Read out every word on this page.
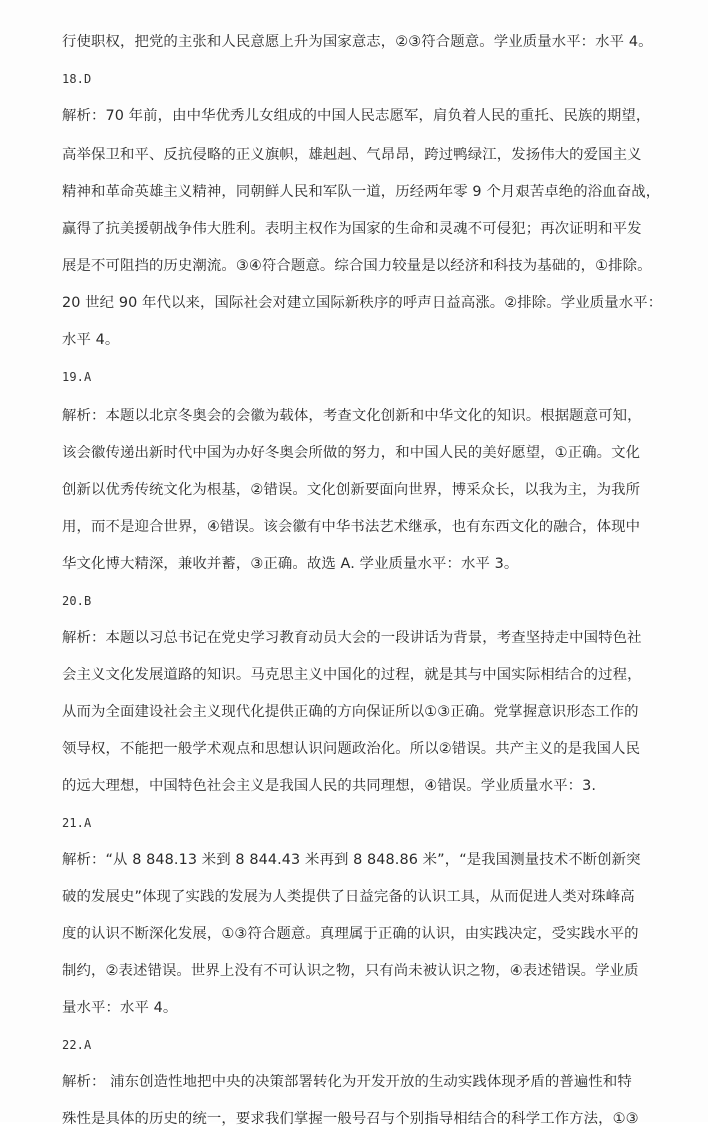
行使职权，把党的主张和人民意愿上升为国家意志，②③符合题意。学业质量水平：水平 4。
18.D
解析：70 年前，由中华优秀儿女组成的中国人民志愿军，肩负着人民的重托、民族的期望，
高举保卫和平、反抗侵略的正义旗帜，雄赳赳、气昂昂，跨过鸭绿江，发扬伟大的爱国主义
精神和革命英雄主义精神，同朝鲜人民和军队一道，历经两年零 9 个月艰苦卓绝的浴血奋战，
赢得了抗美援朝战争伟大胜利。表明主权作为国家的生命和灵魂不可侵犯；再次证明和平发
展是不可阻挡的历史潮流。③④符合题意。综合国力较量是以经济和科技为基础的，①排除。
20 世纪 90 年代以来，国际社会对建立国际新秩序的呼声日益高涨。②排除。学业质量水平：
水平 4。
19.A
解析：本题以北京冬奥会的会徽为载体，考查文化创新和中华文化的知识。根据题意可知，
该会徽传递出新时代中国为办好冬奥会所做的努力，和中国人民的美好愿望，①正确。文化
创新以优秀传统文化为根基，②错误。文化创新要面向世界，博采众长，以我为主，为我所
用，而不是迎合世界，④错误。该会徽有中华书法艺术继承，也有东西文化的融合，体现中
华文化博大精深，兼收并蓄，③正确。故选 A. 学业质量水平：水平 3。
20.B
解析：本题以习总书记在党史学习教育动员大会的一段讲话为背景，考查坚持走中国特色社
会主义文化发展道路的知识。马克思主义中国化的过程，就是其与中国实际相结合的过程，
从而为全面建设社会主义现代化提供正确的方向保证所以①③正确。党掌握意识形态工作的
领导权，不能把一般学术观点和思想认识问题政治化。所以②错误。共产主义的是我国人民
的远大理想，中国特色社会主义是我国人民的共同理想，④错误。学业质量水平：3.
21.A
解析：“从 8 848.13 米到 8 844.43 米再到 8 848.86 米”，“是我国测量技术不断创新突
破的发展史”体现了实践的发展为人类提供了日益完备的认识工具，从而促进人类对珠峰高
度的认识不断深化发展，①③符合题意。真理属于正确的认识，由实践决定，受实践水平的
制约，②表述错误。世界上没有不可认识之物，只有尚未被认识之物，④表述错误。学业质
量水平：水平 4。
22.A
解析： 浦东创造性地把中央的决策部署转化为开发开放的生动实践体现矛盾的普遍性和特
殊性是具体的历史的统一，要求我们掌握一般号召与个别指导相结合的科学工作方法，①③
